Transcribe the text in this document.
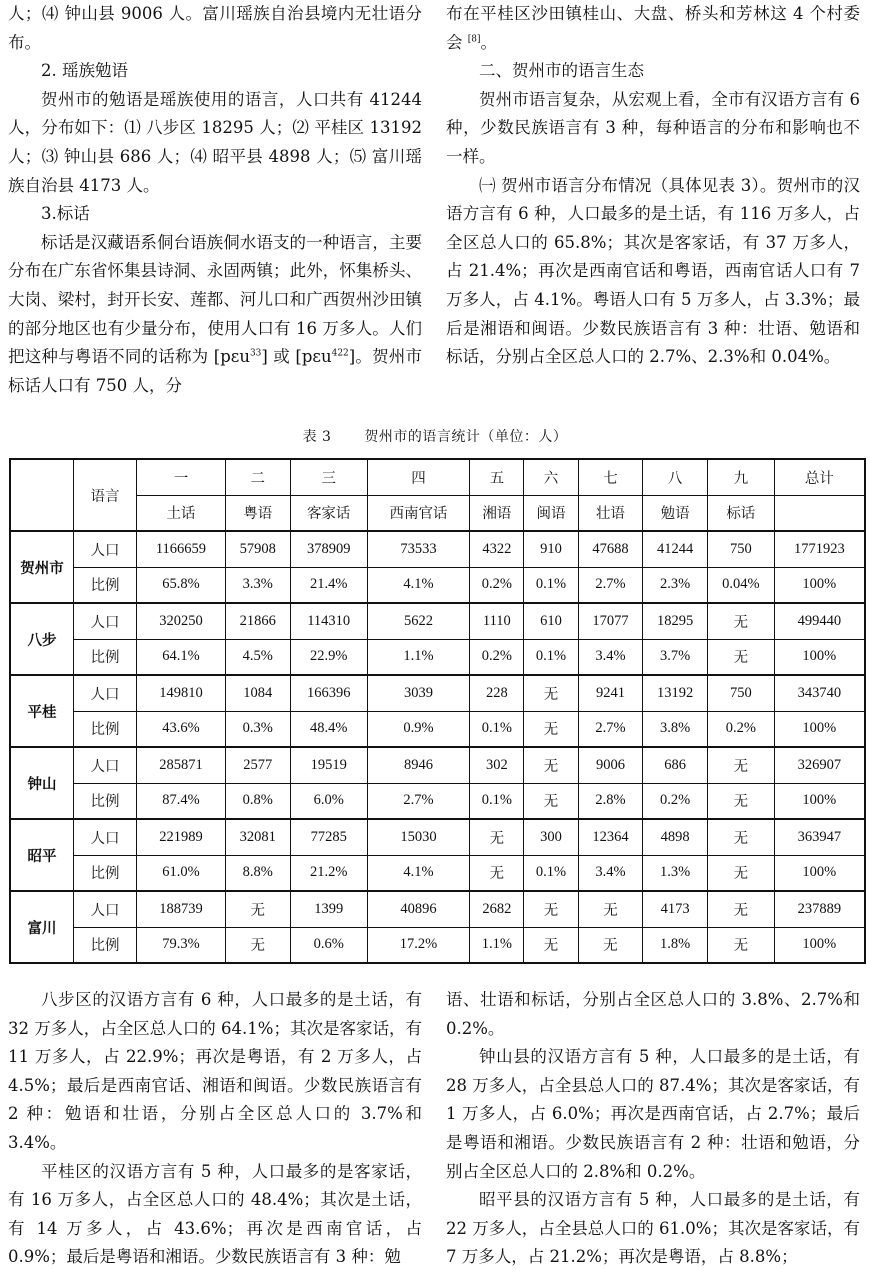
人；⑷ 钟山县 9006 人。富川瑶族自治县境内无壮语分布。

2. 瑶族勉语

贺州市的勉语是瑶族使用的语言，人口共有 41244 人，分布如下：⑴ 八步区 18295 人；⑵ 平桂区 13192 人；⑶ 钟山县 686 人；⑷ 昭平县 4898 人；⑸ 富川瑶族自治县 4173 人。

3.标话

标话是汉藏语系侗台语族侗水语支的一种语言，主要分布在广东省怀集县诗洞、永固两镇；此外，怀集桥头、大岗、梁村，封开长安、莲都、河儿口和广西贺州沙田镇的部分地区也有少量分布，使用人口有 16 万多人。人们把这种与粤语不同的话称为 [pɛu$^{33}$] 或 [pɛu$^{422}$]。贺州市标话人口有 750 人，分

布在平桂区沙田镇桂山、大盘、桥头和芳林这 4 个村委会 [8]。

二、贺州市的语言生态

贺州市语言复杂，从宏观上看，全市有汉语方言有 6 种，少数民族语言有 3 种，每种语言的分布和影响也不一样。

㈠ 贺州市语言分布情况（具体见表 3）。贺州市的汉语方言有 6 种，人口最多的是土话，有 116 万多人，占全区总人口的 65.8%；其次是客家话，有 37 万多人，占 21.4%；再次是西南官话和粤语，西南官话人口有 7 万多人，占 4.1%。粤语人口有 5 万多人，占 3.3%；最后是湘语和闽语。少数民族语言有 3 种：壮语、勉语和标话，分别占全区总人口的 2.7%、2.3%和 0.04%。

表 3 贺州市的语言统计（单位：人）
	语言	一	二	三	四	五	六	七	八	九	总计
		土话	粤语	客家话	西南官话	湘语	闽语	壮语	勉语	标话	
贺州市	人口	1166659	57908	378909	73533	4322	910	47688	41244	750	1771923
	比例	65.8%	3.3%	21.4%	4.1%	0.2%	0.1%	2.7%	2.3%	0.04%	100%
八步	人口	320250	21866	114310	5622	1110	610	17077	18295	无	499440
	比例	64.1%	4.5%	22.9%	1.1%	0.2%	0.1%	3.4%	3.7%	无	100%
平桂	人口	149810	1084	166396	3039	228	无	9241	13192	750	343740
	比例	43.6%	0.3%	48.4%	0.9%	0.1%	无	2.7%	3.8%	0.2%	100%
钟山	人口	285871	2577	19519	8946	302	无	9006	686	无	326907
	比例	87.4%	0.8%	6.0%	2.7%	0.1%	无	2.8%	0.2%	无	100%
昭平	人口	221989	32081	77285	15030	无	300	12364	4898	无	363947
	比例	61.0%	8.8%	21.2%	4.1%	无	0.1%	3.4%	1.3%	无	100%
富川	人口	188739	无	1399	40896	2682	无	无	4173	无	237889
	比例	79.3%	无	0.6%	17.2%	1.1%	无	无	1.8%	无	100%

八步区的汉语方言有 6 种，人口最多的是土话，有 32 万多人，占全区总人口的 64.1%；其次是客家话，有 11 万多人，占 22.9%；再次是粤语，有 2 万多人，占 4.5%；最后是西南官话、湘语和闽语。少数民族语言有 2 种：勉语和壮语，分别占全区总人口的 3.7%和 3.4%。

平桂区的汉语方言有 5 种，人口最多的是客家话，有 16 万多人，占全区总人口的 48.4%；其次是土话，有 14 万多人，占 43.6%；再次是西南官话，占 0.9%；最后是粤语和湘语。少数民族语言有 3 种：勉

语、壮语和标话，分别占全区总人口的 3.8%、2.7%和 0.2%。

钟山县的汉语方言有 5 种，人口最多的是土话，有 28 万多人，占全县总人口的 87.4%；其次是客家话，有 1 万多人，占 6.0%；再次是西南官话，占 2.7%；最后是粤语和湘语。少数民族语言有 2 种：壮语和勉语，分别占全区总人口的 2.8%和 0.2%。

昭平县的汉语方言有 5 种，人口最多的是土话，有 22 万多人，占全县总人口的 61.0%；其次是客家话，有 7 万多人，占 21.2%；再次是粤语，占 8.8%；
